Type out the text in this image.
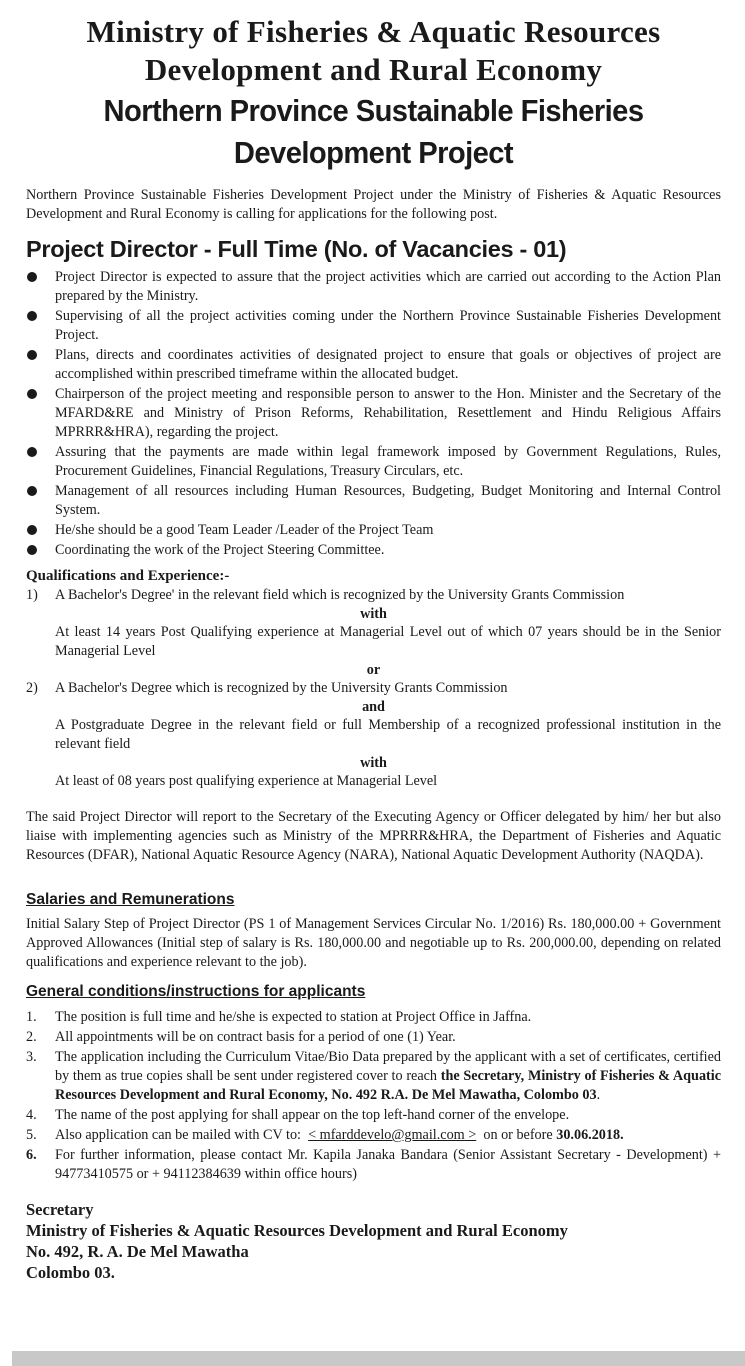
Ministry of Fisheries & Aquatic Resources
Development and Rural Economy
Northern Province Sustainable Fisheries
Development Project
Northern Province Sustainable Fisheries Development Project under the Ministry of Fisheries & Aquatic Resources Development and Rural Economy is calling for applications for the following post.
Project Director - Full Time (No. of Vacancies - 01)
Project Director is expected to assure that the project activities which are carried out according to the Action Plan prepared by the Ministry.
Supervising of all the project activities coming under the Northern Province Sustainable Fisheries Development Project.
Plans, directs and coordinates activities of designated project to ensure that goals or objectives of project are accomplished within prescribed timeframe within the allocated budget.
Chairperson of the project meeting and responsible person to answer to the Hon. Minister and the Secretary of the MFARD&RE and Ministry of Prison Reforms, Rehabilitation, Resettlement and Hindu Religious Affairs MPRRR&HRA), regarding the project.
Assuring that the payments are made within legal framework imposed by Government Regulations, Rules, Procurement Guidelines, Financial Regulations, Treasury Circulars, etc.
Management of all resources including Human Resources, Budgeting, Budget Monitoring and Internal Control System.
He/she should be a good Team Leader /Leader of the Project Team
Coordinating the work of the Project Steering Committee.
Qualifications and Experience:-
1) A Bachelor's Degree' in the relevant field which is recognized by the University Grants Commission
with
At least 14 years Post Qualifying experience at Managerial Level out of which 07 years should be in the Senior Managerial Level
or
2) A Bachelor's Degree which is recognized by the University Grants Commission
and
A Postgraduate Degree in the relevant field or full Membership of a recognized professional institution in the relevant field
with
At least of 08 years post qualifying experience at Managerial Level
The said Project Director will report to the Secretary of the Executing Agency or Officer delegated by him/ her but also liaise with implementing agencies such as Ministry of the MPRRR&HRA, the Department of Fisheries and Aquatic Resources (DFAR), National Aquatic Resource Agency (NARA), National Aquatic Development Authority (NAQDA).
Salaries and Remunerations
Initial Salary Step of Project Director (PS 1 of Management Services Circular No. 1/2016) Rs. 180,000.00 + Government Approved Allowances (Initial step of salary is Rs. 180,000.00 and negotiable up to Rs. 200,000.00, depending on related qualifications and experience relevant to the job).
General conditions/instructions for applicants
1. The position is full time and he/she is expected to station at Project Office in Jaffna.
2. All appointments will be on contract basis for a period of one (1) Year.
3. The application including the Curriculum Vitae/Bio Data prepared by the applicant with a set of certificates, certified by them as true copies shall be sent under registered cover to reach the Secretary, Ministry of Fisheries & Aquatic Resources Development and Rural Economy, No. 492 R.A. De Mel Mawatha, Colombo 03.
4. The name of the post applying for shall appear on the top left-hand corner of the envelope.
5. Also application can be mailed with CV to:  < mfarddevelo@gmail.com >  on or before 30.06.2018.
6. For further information, please contact Mr. Kapila Janaka Bandara (Senior Assistant Secretary - Development) + 94773410575 or + 94112384639 within office hours)
Secretary
Ministry of Fisheries & Aquatic Resources Development and Rural Economy
No. 492, R. A. De Mel Mawatha
Colombo 03.
